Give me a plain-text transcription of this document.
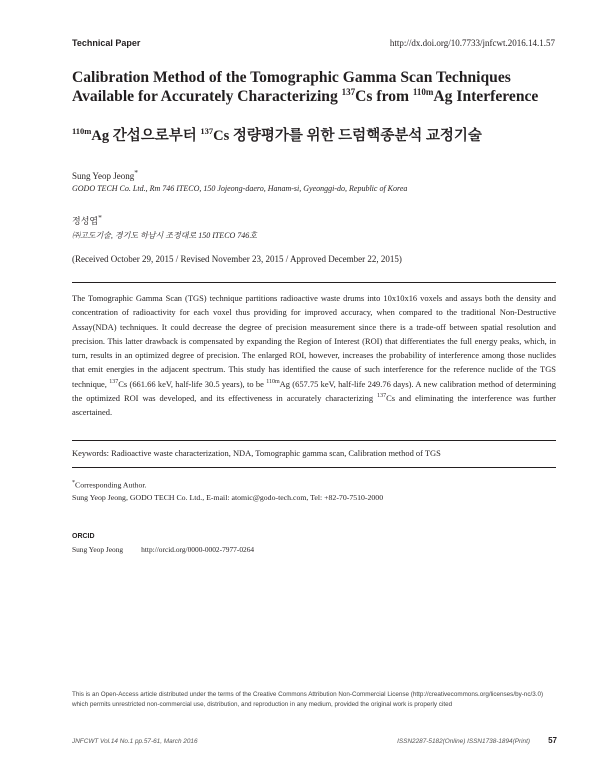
Technical Paper	http://dx.doi.org/10.7733/jnfcwt.2016.14.1.57
Calibration Method of the Tomographic Gamma Scan Techniques
Available for Accurately Characterizing $^{137}$Cs from $^{110m}$Ag Interference
$^{110m}$Ag 간섭으로부터 $^{137}$Cs 정량평가를 위한 드럼핵종분석 교정기술
Sung Yeop Jeong*
GODO TECH Co. Ltd., Rm 746 ITECO, 150 Jojeong-daero, Hanam-si, Gyeonggi-do, Republic of Korea
정성엽*
㈜고도기술, 경기도 하남시 조정대로 150 ITECO 746호
(Received October 29, 2015 / Revised November 23, 2015 / Approved December 22, 2015)
The Tomographic Gamma Scan (TGS) technique partitions radioactive waste drums into 10x10x16 voxels and assays both the density and concentration of radioactivity for each voxel thus providing for improved accuracy, when compared to the traditional Non-Destructive Assay(NDA) techniques. It could decrease the degree of precision measurement since there is a trade-off between spatial resolution and precision. This latter drawback is compensated by expanding the Region of Interest (ROI) that differentiates the full energy peaks, which, in turn, results in an optimized degree of precision. The enlarged ROI, however, increases the probability of interference among those nuclides that emit energies in the adjacent spectrum. This study has identified the cause of such interference for the reference nuclide of the TGS technique, $^{137}$Cs (661.66 keV, half-life 30.5 years), to be $^{110m}$Ag (657.75 keV, half-life 249.76 days). A new calibration method of determining the optimized ROI was developed, and its effectiveness in accurately characterizing $^{137}$Cs and eliminating the interference was further ascertained.
Keywords: Radioactive waste characterization, NDA, Tomographic gamma scan, Calibration method of TGS
*Corresponding Author.
Sung Yeop Jeong, GODO TECH Co. Ltd., E-mail: atomic@godo-tech.com, Tel: +82-70-7510-2000
ORCID
Sung Yeop Jeong http://orcid.org/0000-0002-7977-0264
This is an Open-Access article distributed under the terms of the Creative Commons Attribution Non-Commercial License (http://creativecommons.org/licenses/by-nc/3.0) which permits unrestricted non-commercial use, distribution, and reproduction in any medium, provided the original work is properly cited
JNFCWT Vol.14 No.1 pp.57-61, March 2016	ISSN2287-5182(Online) ISSN1738-1894(Print) 57
